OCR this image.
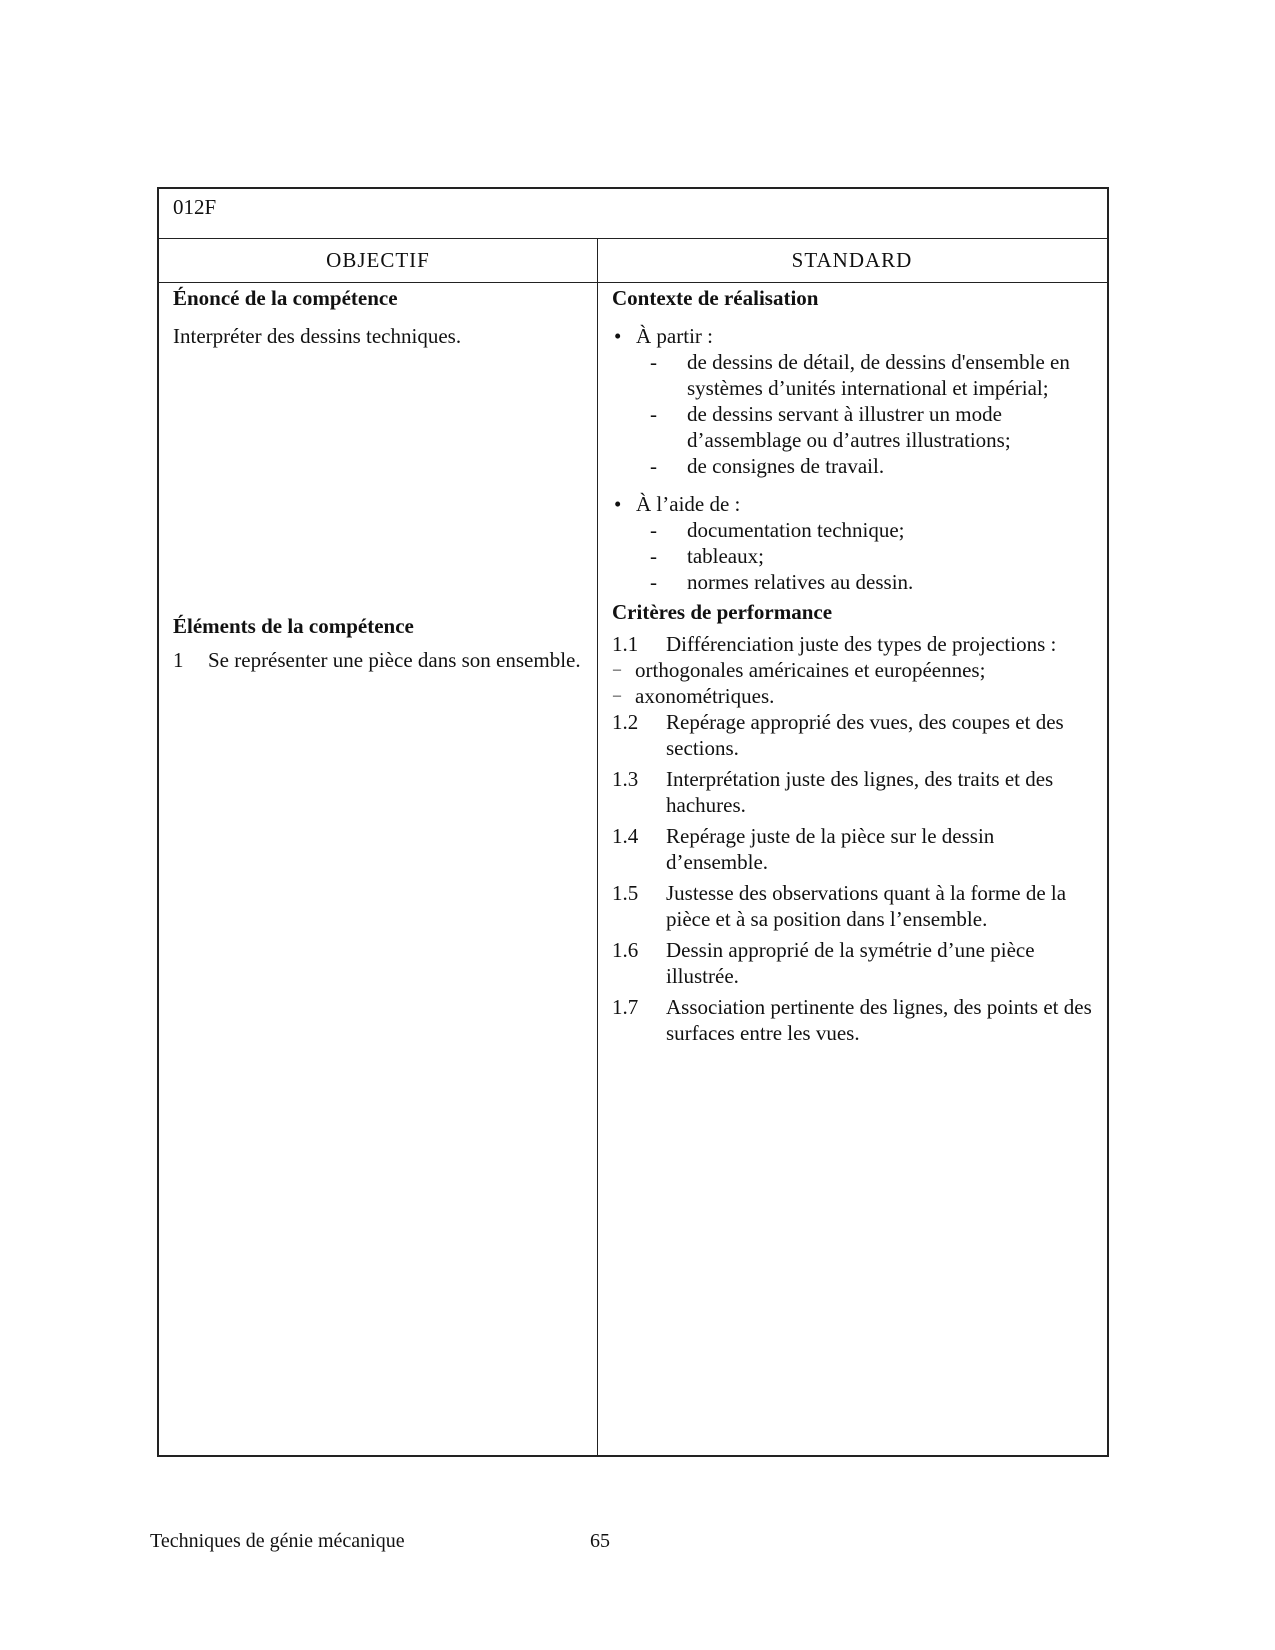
012F
OBJECTIF	STANDARD
Énoncé de la compétence
Interpréter des dessins techniques.
Éléments de la compétence
1 Se représenter une pièce dans son ensemble.
Contexte de réalisation
• À partir :
- de dessins de détail, de dessins d'ensemble en systèmes d’unités international et impérial;
- de dessins servant à illustrer un mode d’assemblage ou d’autres illustrations;
- de consignes de travail.
• À l’aide de :
- documentation technique;
- tableaux;
- normes relatives au dessin.
Critères de performance
1.1 Différenciation juste des types de projections :
– orthogonales américaines et européennes;
– axonométriques.
1.2 Repérage approprié des vues, des coupes et des sections.
1.3 Interprétation juste des lignes, des traits et des hachures.
1.4 Repérage juste de la pièce sur le dessin d’ensemble.
1.5 Justesse des observations quant à la forme de la pièce et à sa position dans l’ensemble.
1.6 Dessin approprié de la symétrie d’une pièce illustrée.
1.7 Association pertinente des lignes, des points et des surfaces entre les vues.
Techniques de génie mécanique	65
